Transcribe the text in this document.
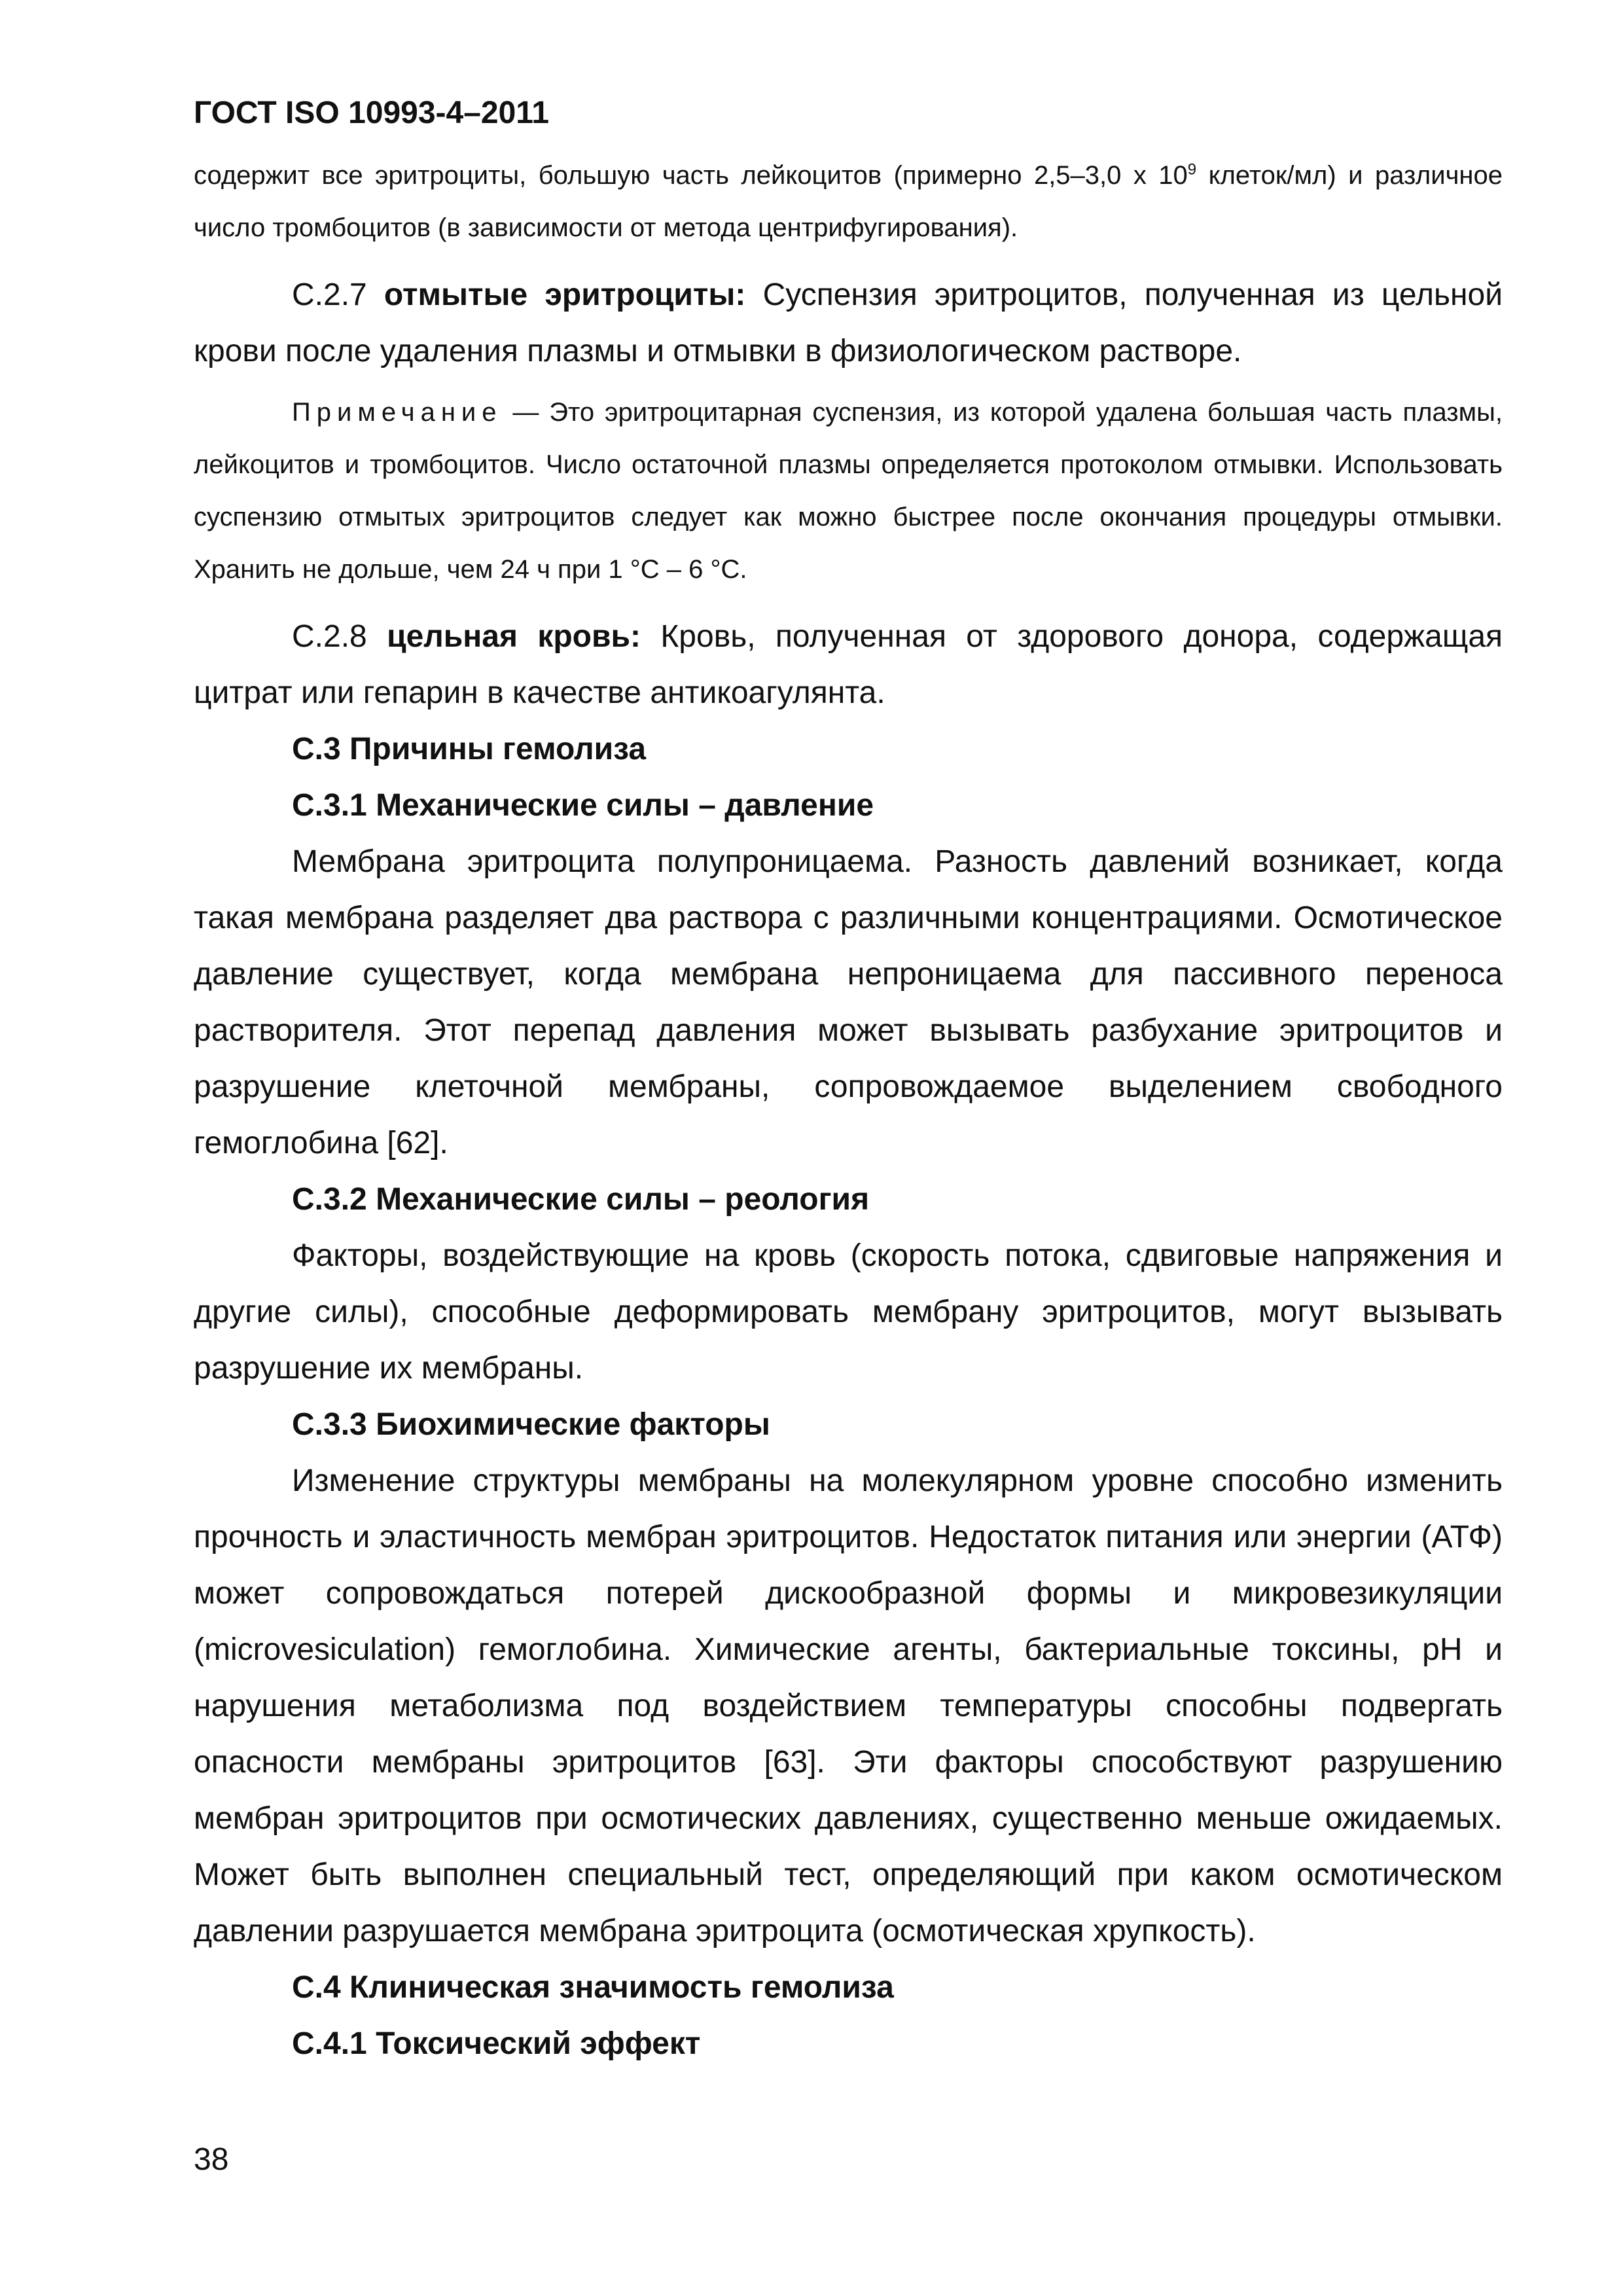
ГОСТ ISO 10993-4–2011

содержит все эритроциты, большую часть лейкоцитов (примерно 2,5–3,0 x $10^9$ клеток/мл) и различное число тромбоцитов (в зависимости от метода центрифугирования).

С.2.7 отмытые эритроциты: Суспензия эритроцитов, полученная из цельной крови после удаления плазмы и отмывки в физиологическом растворе.

Примечание — Это эритроцитарная суспензия, из которой удалена большая часть плазмы, лейкоцитов и тромбоцитов. Число остаточной плазмы определяется протоколом отмывки. Использовать суспензию отмытых эритроцитов следует как можно быстрее после окончания процедуры отмывки. Хранить не дольше, чем 24 ч при 1 °С – 6 °С.

С.2.8 цельная кровь: Кровь, полученная от здорового донора, содержащая цитрат или гепарин в качестве антикоагулянта.

С.3 Причины гемолиза

С.3.1 Механические силы – давление

Мембрана эритроцита полупроницаема. Разность давлений возникает, когда такая мембрана разделяет два раствора с различными концентрациями. Осмотическое давление существует, когда мембрана непроницаема для пассивного переноса растворителя. Этот перепад давления может вызывать разбухание эритроцитов и разрушение клеточной мембраны, сопровождаемое выделением свободного гемоглобина [62].

С.3.2 Механические силы – реология

Факторы, воздействующие на кровь (скорость потока, сдвиговые напряжения и другие силы), способные деформировать мембрану эритроцитов, могут вызывать разрушение их мембраны.

С.3.3 Биохимические факторы

Изменение структуры мембраны на молекулярном уровне способно изменить прочность и эластичность мембран эритроцитов. Недостаток питания или энергии (АТФ) может сопровождаться потерей дискообразной формы и микровезикуляции (microvesiculation) гемоглобина. Химические агенты, бактериальные токсины, pH и нарушения метаболизма под воздействием температуры способны подвергать опасности мембраны эритроцитов [63]. Эти факторы способствуют разрушению мембран эритроцитов при осмотических давлениях, существенно меньше ожидаемых. Может быть выполнен специальный тест, определяющий при каком осмотическом давлении разрушается мембрана эритроцита (осмотическая хрупкость).

С.4 Клиническая значимость гемолиза

С.4.1 Токсический эффект

38
